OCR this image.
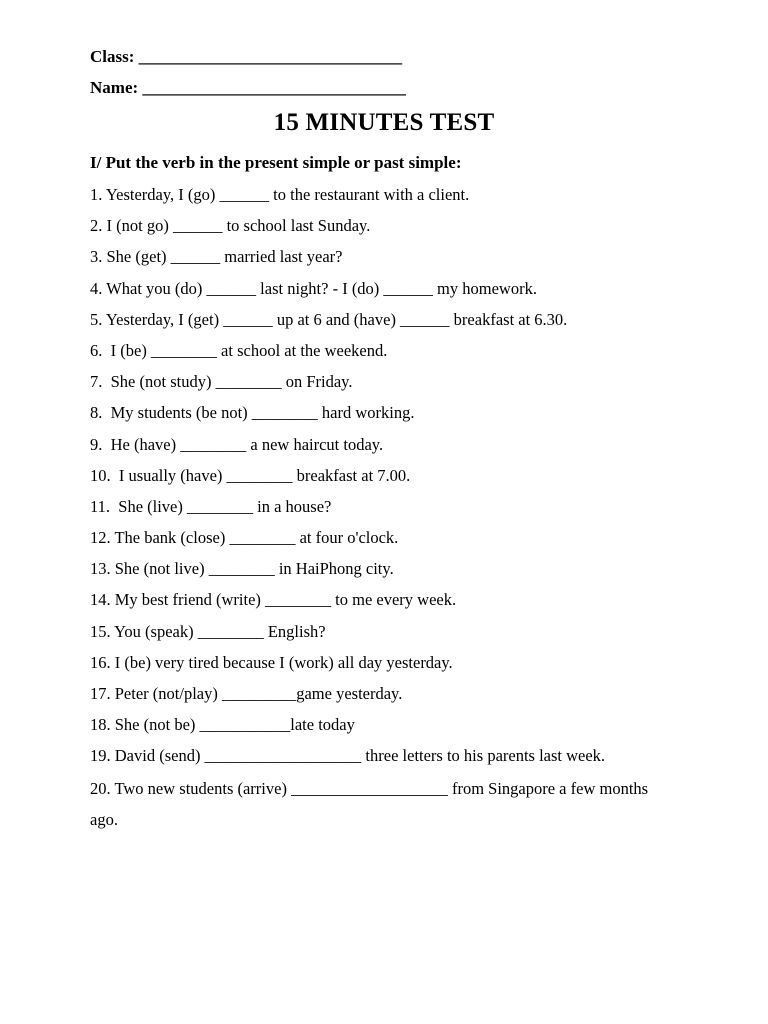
Class: _______________________________
Name: _______________________________
15 MINUTES TEST
I/ Put the verb in the present simple or past simple:
1. Yesterday, I (go) ______ to the restaurant with a client.
2. I (not go) ______ to school last Sunday.
3. She (get) ______ married last year?
4. What you (do) ______ last night? - I (do) ______ my homework.
5. Yesterday, I (get) ______ up at 6 and (have) ______ breakfast at 6.30.
6.  I (be) ________ at school at the weekend.
7.  She (not study) ________ on Friday.
8.  My students (be not) ________ hard working.
9.  He (have) ________ a new haircut today.
10.  I usually (have) ________ breakfast at 7.00.
11.  She (live) ________ in a house?
12. The bank (close) ________ at four o'clock.
13. She (not live) ________ in HaiPhong city.
14. My best friend (write) ________ to me every week.
15. You (speak) ________ English?
16. I (be) very tired because I (work) all day yesterday.
17. Peter (not/play) _________game yesterday.
18. She (not be) ___________late today
19. David (send) ___________________ three letters to his parents last week.
20. Two new students (arrive) ___________________ from Singapore a few months ago.
